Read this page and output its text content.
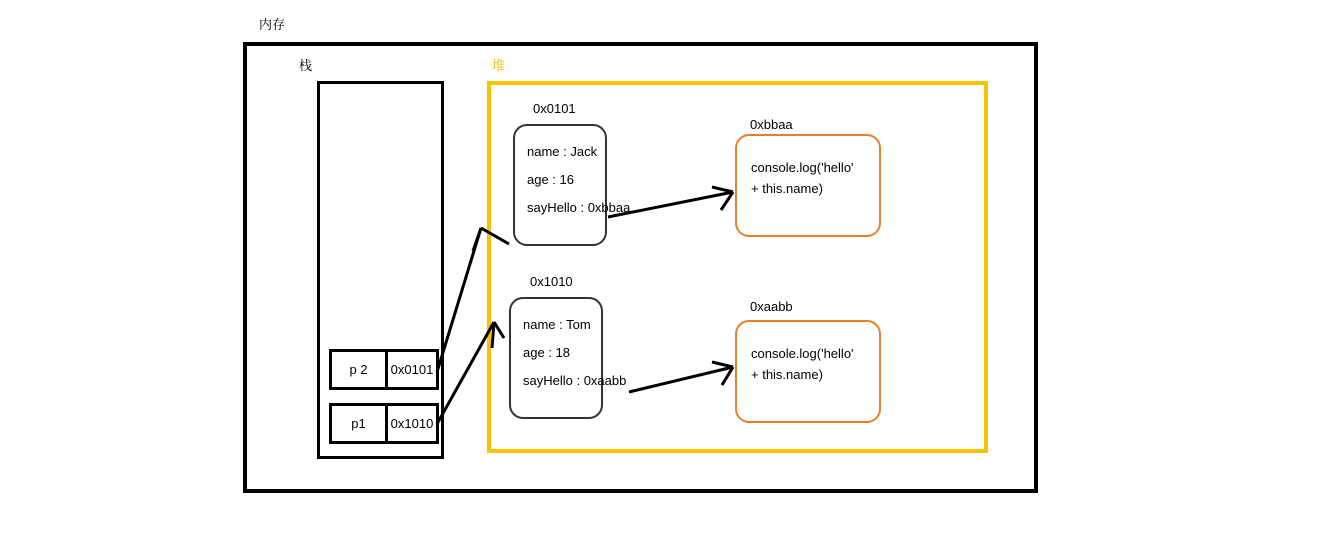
内存
栈	堆
p 2	0x0101
p1	0x1010
0x0101
0x1010
0xbbaa
0xaabb
name : Jack
age : 16
sayHello : 0xbbaa
name : Tom
age : 18
sayHello : 0xaabb
console.log('hello'
+ this.name)
console.log('hello'
+ this.name)
